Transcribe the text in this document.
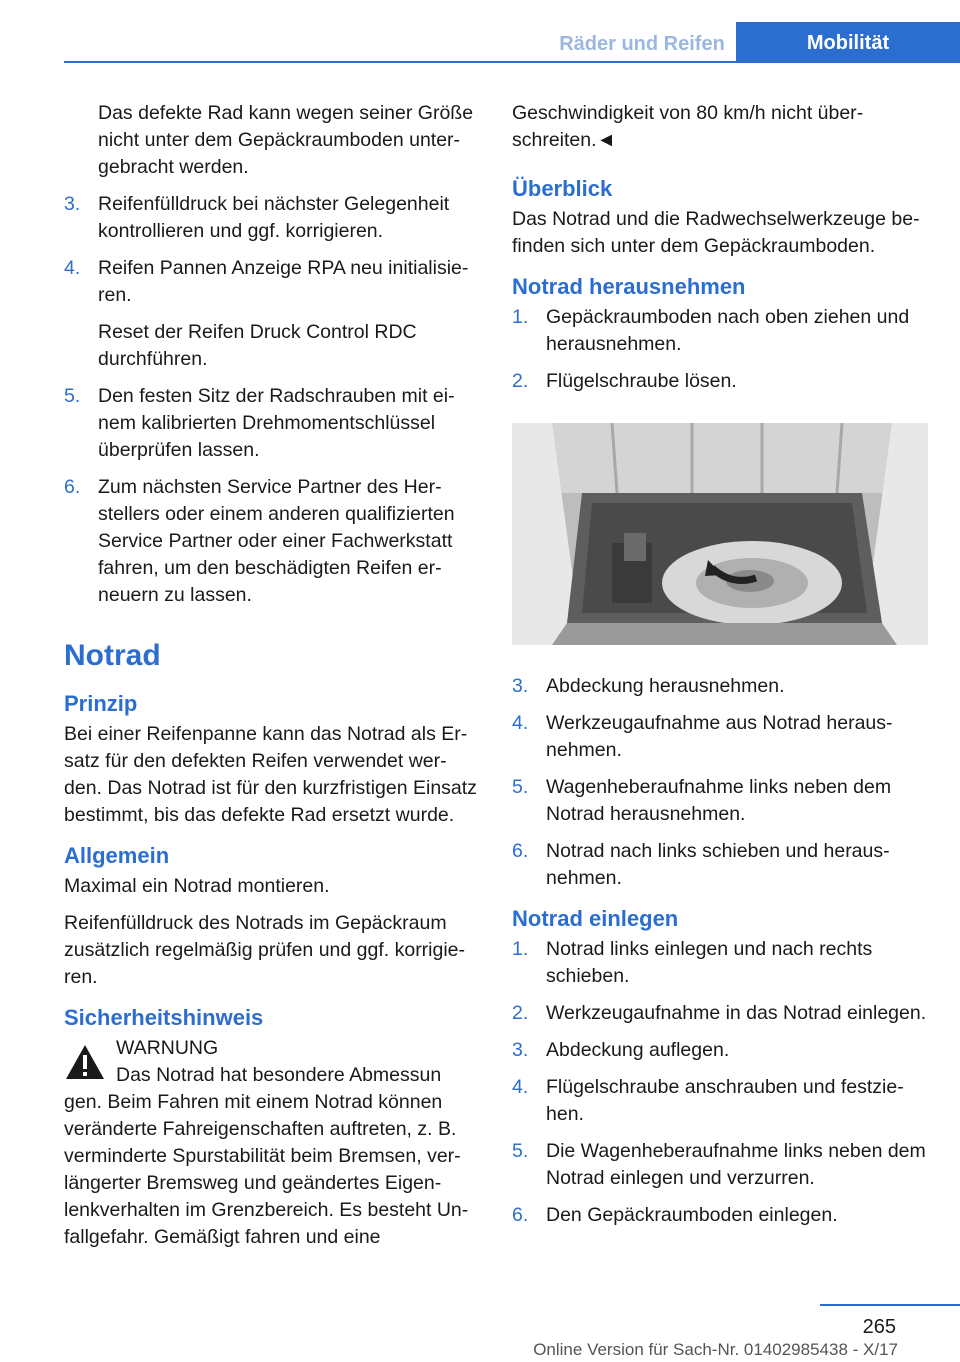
Räder und Reifen	Mobilität

Das defekte Rad kann wegen seiner Größe nicht unter dem Gepäckraumboden untergebracht werden.

3. Reifenfülldruck bei nächster Gelegenheit kontrollieren und ggf. korrigieren.
4. Reifen Pannen Anzeige RPA neu initialisieren.
Reset der Reifen Druck Control RDC durchführen.
5. Den festen Sitz der Radschrauben mit einem kalibrierten Drehmomentschlüssel überprüfen lassen.
6. Zum nächsten Service Partner des Herstellers oder einem anderen qualifizierten Service Partner oder einer Fachwerkstatt fahren, um den beschädigten Reifen erneuern zu lassen.
Notrad
Prinzip

Bei einer Reifenpanne kann das Notrad als Ersatz für den defekten Reifen verwendet werden. Das Notrad ist für den kurzfristigen Einsatz bestimmt, bis das defekte Rad ersetzt wurde.

Allgemein

Maximal ein Notrad montieren.

Reifenfülldruck des Notrads im Gepäckraum zusätzlich regelmäßig prüfen und ggf. korrigieren.

Sicherheitshinweis
WARNUNG
Das Notrad hat besondere Abmessun
gen. Beim Fahren mit einem Notrad können veränderte Fahreigenschaften auftreten, z. B. verminderte Spurstabilität beim Bremsen, verlängerter Bremsweg und geändertes Eigenlenkverhalten im Grenzbereich. Es besteht Unfallgefahr. Gemäßigt fahren und eine

Geschwindigkeit von 80 km/h nicht überschreiten.◄

Überblick

Das Notrad und die Radwechselwerkzeuge befinden sich unter dem Gepäckraumboden.

Notrad herausnehmen
1. Gepäckraumboden nach oben ziehen und herausnehmen.
2. Flügelschraube lösen.
3. Abdeckung herausnehmen.
4. Werkzeugaufnahme aus Notrad herausnehmen.
5. Wagenheberaufnahme links neben dem Notrad herausnehmen.
6. Notrad nach links schieben und herausnehmen.
Notrad einlegen
1. Notrad links einlegen und nach rechts schieben.
2. Werkzeugaufnahme in das Notrad einlegen.
3. Abdeckung auflegen.
4. Flügelschraube anschrauben und festziehen.
5. Die Wagenheberaufnahme links neben dem Notrad einlegen und verzurren.
6. Den Gepäckraumboden einlegen.
265
Online Version für Sach-Nr. 01402985438 - X/17
